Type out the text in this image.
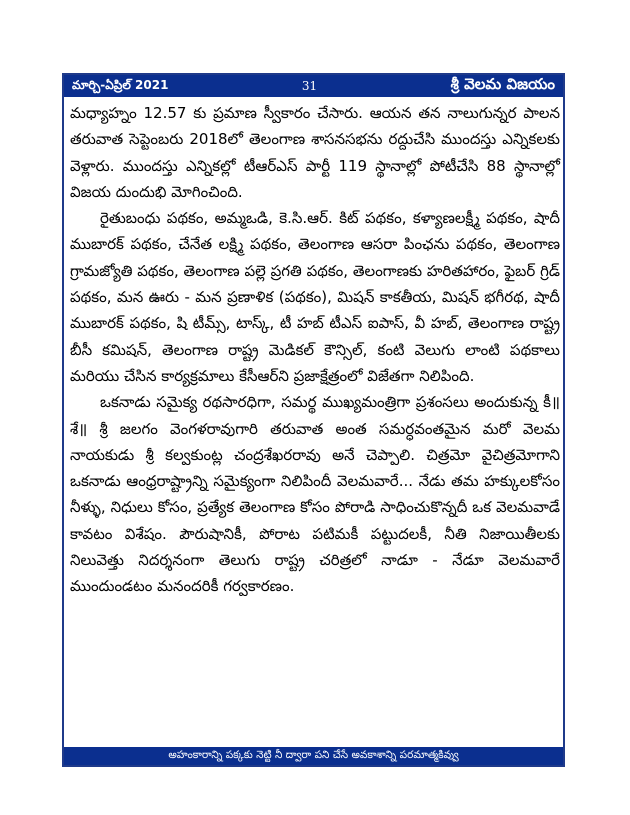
మార్చి-ఏప్రిల్ 2021	31	శ్రీ వెలమ విజయం

మధ్యాహ్నం 12.57 కు ప్రమాణ స్వీకారం చేసారు. ఆయన తన నాలుగున్నర పాలన తరువాత సెప్టెంబరు 2018లో తెలంగాణ శాసనసభను రద్దుచేసి ముందస్తు ఎన్నికలకు వెళ్లారు. ముందస్తు ఎన్నికల్లో టీఆర్ఎస్ పార్టీ 119 స్థానాల్లో పోటీచేసి 88 స్థానాల్లో విజయ దుందుభి మోగించింది.

రైతుబంధు పథకం, అమ్మఒడి, కె.సి.ఆర్. కిట్ పథకం, కళ్యాణలక్ష్మీ పథకం, షాదీ ముబారక్ పథకం, చేనేత లక్ష్మి పథకం, తెలంగాణ ఆసరా పింఛను పథకం, తెలంగాణ గ్రామజ్యోతి పథకం, తెలంగాణ పల్లె ప్రగతి పథకం, తెలంగాణకు హరితహారం, ఫైబర్ గ్రిడ్ పథకం, మన ఊరు - మన ప్రణాళిక (పథకం), మిషన్ కాకతీయ, మిషన్ భగీరథ, షాదీ ముబారక్ పథకం, షి టీమ్స్, టాస్క్, టీ హబ్ టీఎస్ ఐపాస్, వీ హబ్, తెలంగాణ రాష్ట్ర బీసీ కమిషన్, తెలంగాణ రాష్ట్ర మెడికల్ కౌన్సిల్, కంటి వెలుగు లాంటి పథకాలు మరియు చేసిన కార్యక్రమాలు కేసీఆర్‌ని ప్రజాక్షేత్రంలో విజేతగా నిలిపింది.

ఒకనాడు సమైక్య రథసారధిగా, సమర్థ ముఖ్యమంత్రిగా ప్రశంసలు అందుకున్న కీ॥శే॥ శ్రీ జలగం వెంగళరావుగారి తరువాత అంత సమర్ధవంతమైన మరో వెలమ నాయకుడు శ్రీ కల్వకుంట్ల చంద్రశేఖరరావు అనే చెప్పాలి. చిత్రమో వైచిత్రమోగాని ఒకనాడు ఆంధ్రరాష్ట్రాన్ని సమైక్యంగా నిలిపిందీ వెలమవారే... నేడు తమ హక్కులకోసం నీళ్ళు, నిధులు కోసం, ప్రత్యేక తెలంగాణ కోసం పోరాడి సాధించుకొన్నదీ ఒక వెలమవాడే కావటం విశేషం. పౌరుషానికీ, పోరాట పటిమకీ పట్టుదలకీ, నీతి నిజాయితీలకు నిలువెత్తు నిదర్శనంగా తెలుగు రాష్ట్ర చరిత్రలో నాడూ - నేడూ వెలమవారే ముందుండటం మనందరికీ గర్వకారణం.

అహంకారాన్ని పక్కకు నెట్టి నీ ద్వారా పని చేసే అవకాశాన్ని పరమాత్మకివ్వు
